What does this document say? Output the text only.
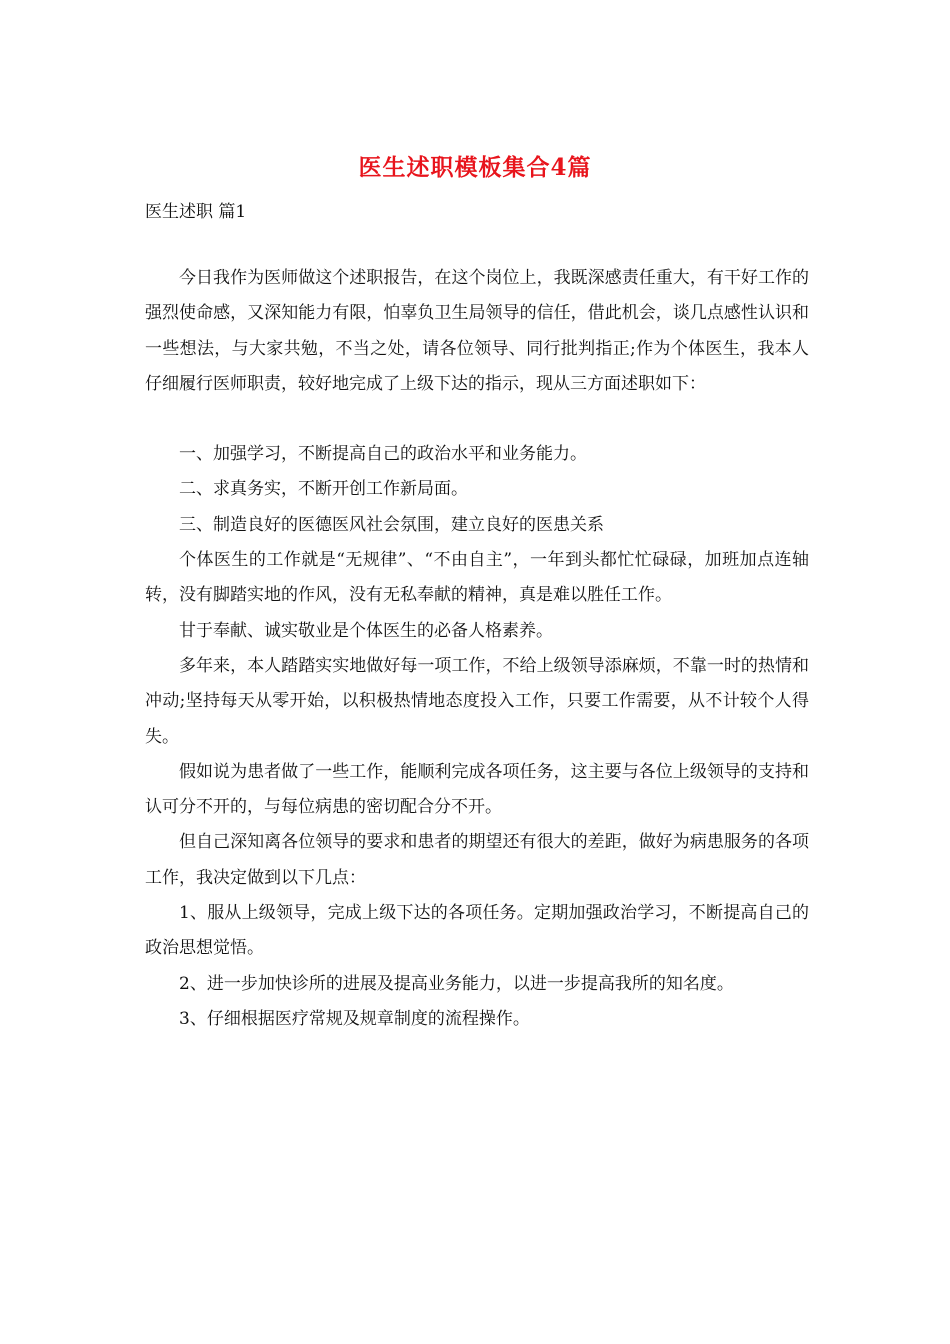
医生述职模板集合4篇
医生述职 篇1

今日我作为医师做这个述职报告，在这个岗位上，我既深感责任重大，有干好工作的强烈使命感，又深知能力有限，怕辜负卫生局领导的信任，借此机会，谈几点感性认识和一些想法，与大家共勉，不当之处，请各位领导、同行批判指正;作为个体医生，我本人仔细履行医师职责，较好地完成了上级下达的指示，现从三方面述职如下：

一、加强学习，不断提高自己的政治水平和业务能力。

二、求真务实，不断开创工作新局面。

三、制造良好的医德医风社会氛围，建立良好的医患关系

个体医生的工作就是“无规律”、“不由自主”，一年到头都忙忙碌碌，加班加点连轴转，没有脚踏实地的作风，没有无私奉献的精神，真是难以胜任工作。

甘于奉献、诚实敬业是个体医生的必备人格素养。

多年来，本人踏踏实实地做好每一项工作，不给上级领导添麻烦，不靠一时的热情和冲动;坚持每天从零开始，以积极热情地态度投入工作，只要工作需要，从不计较个人得失。

假如说为患者做了一些工作，能顺利完成各项任务，这主要与各位上级领导的支持和认可分不开的，与每位病患的密切配合分不开。

但自己深知离各位领导的要求和患者的期望还有很大的差距，做好为病患服务的各项工作，我决定做到以下几点：

1、服从上级领导，完成上级下达的各项任务。定期加强政治学习，不断提高自己的政治思想觉悟。

2、进一步加快诊所的进展及提高业务能力，以进一步提高我所的知名度。

3、仔细根据医疗常规及规章制度的流程操作。
